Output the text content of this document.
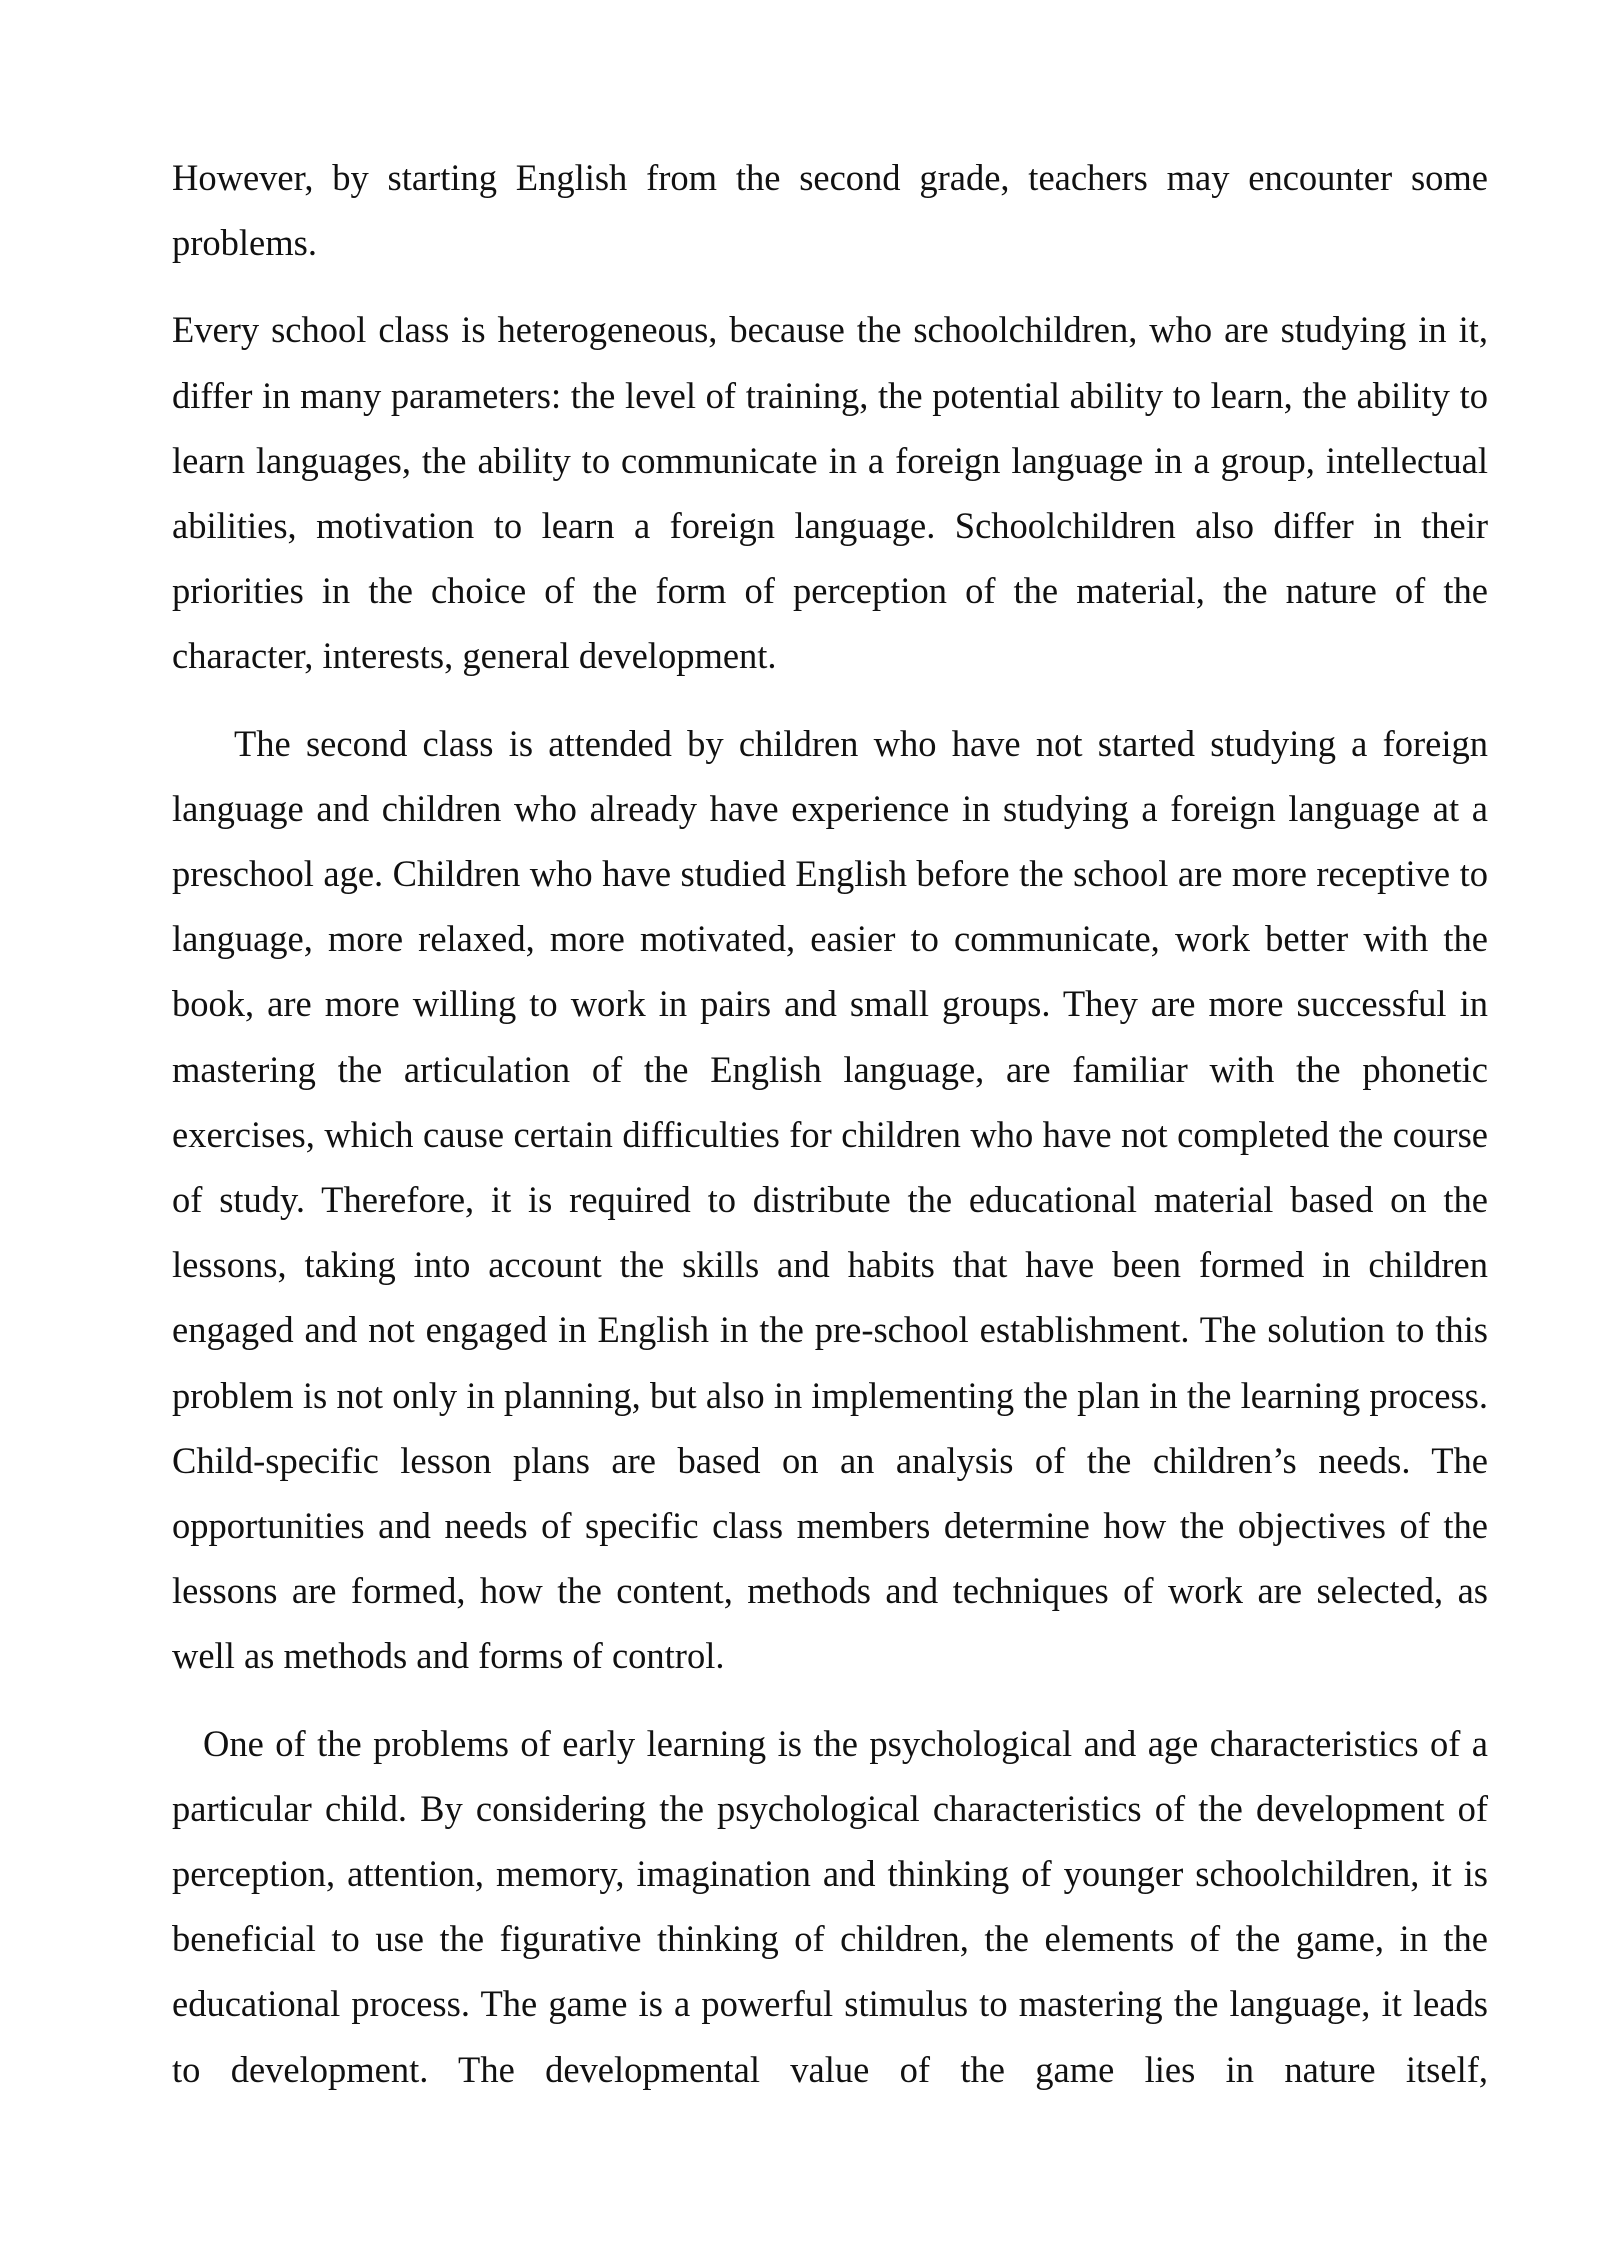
However, by starting English from the second grade, teachers may encounter some problems.

Every school class is heterogeneous, because the schoolchildren, who are studying in it, differ in many parameters: the level of training, the potential ability to learn, the ability to learn languages, the ability to communicate in a foreign language in a group, intellectual abilities, motivation to learn a foreign language. Schoolchildren also differ in their priorities in the choice of the form of perception of the material, the nature of the character, interests, general development.

The second class is attended by children who have not started studying a foreign language and children who already have experience in studying a foreign language at a preschool age. Children who have studied English before the school are more receptive to language, more relaxed, more motivated, easier to communicate, work better with the book, are more willing to work in pairs and small groups. They are more successful in mastering the articulation of the English language, are familiar with the phonetic exercises, which cause certain difficulties for children who have not completed the course of study. Therefore, it is required to distribute the educational material based on the lessons, taking into account the skills and habits that have been formed in children engaged and not engaged in English in the pre-school establishment. The solution to this problem is not only in planning, but also in implementing the plan in the learning process. Child-specific lesson plans are based on an analysis of the children’s needs. The opportunities and needs of specific class members determine how the objectives of the lessons are formed, how the content, methods and techniques of work are selected, as well as methods and forms of control.

One of the problems of early learning is the psychological and age characteristics of a particular child. By considering the psychological characteristics of the development of perception, attention, memory, imagination and thinking of younger schoolchildren, it is beneficial to use the figurative thinking of children, the elements of the game, in the educational process. The game is a powerful stimulus to mastering the language, it leads to development. The developmental value of the game lies in nature itself,
